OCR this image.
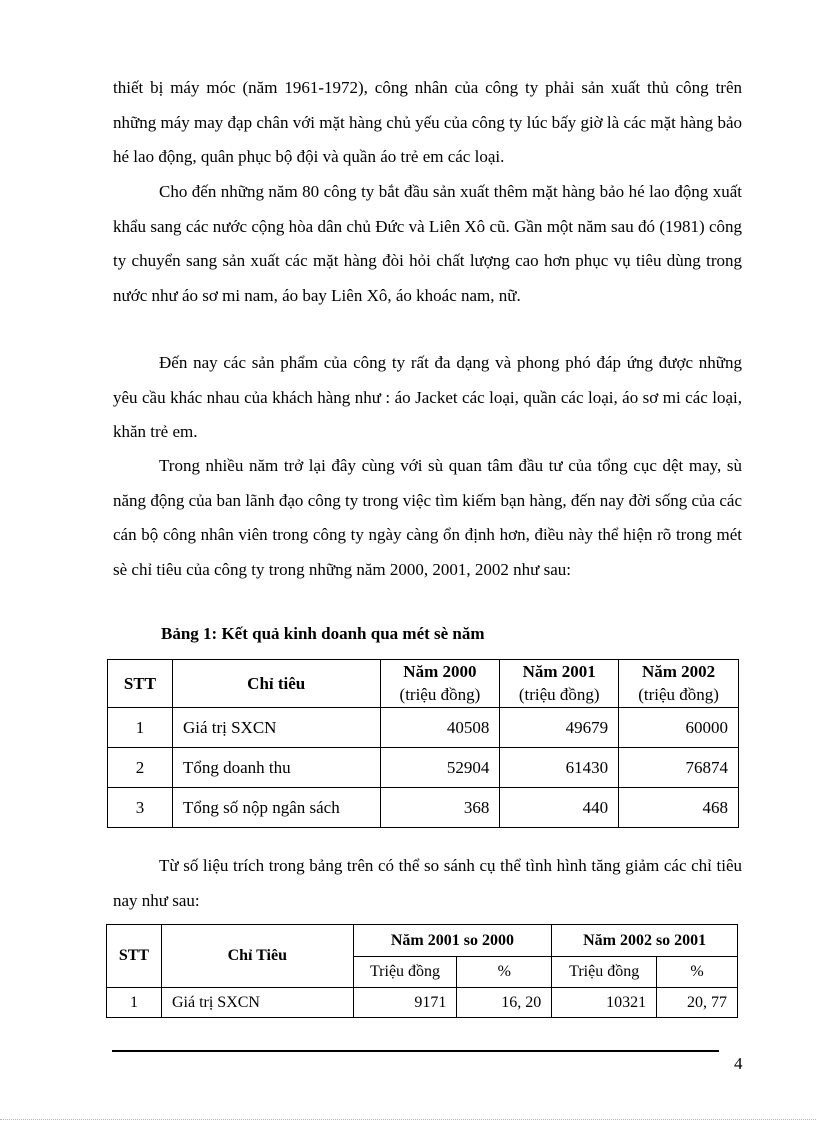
thiết bị máy móc (năm 1961-1972), công nhân của công ty phải sản xuất thủ công trên những máy may đạp chân với mặt hàng chủ yếu của công ty lúc bấy giờ là các mặt hàng bảo hé lao động, quân phục bộ đội và quần áo trẻ em các loại.

Cho đến những năm 80 công ty bắt đầu sản xuất thêm mặt hàng bảo hé lao động xuất khẩu sang các nước cộng hòa dân chủ Đức và Liên Xô cũ. Gần một năm sau đó (1981) công ty chuyển sang sản xuất các mặt hàng đòi hỏi chất lượng cao hơn phục vụ tiêu dùng trong nước như áo sơ mi nam, áo bay Liên Xô, áo khoác nam, nữ.

Đến nay các sản phẩm của công ty rất đa dạng và phong phó đáp ứng được những yêu cầu khác nhau của khách hàng như : áo Jacket các loại, quần các loại, áo sơ mi các loại, khăn trẻ em.

Trong nhiều năm trở lại đây cùng với sù quan tâm đầu tư của tổng cục dệt may, sù năng động của ban lãnh đạo công ty trong việc tìm kiếm bạn hàng, đến nay đời sống của các cán bộ công nhân viên trong công ty ngày càng ổn định hơn, điều này thể hiện rõ trong mét sè chỉ tiêu của công ty trong những năm 2000, 2001, 2002 như sau:

Bảng 1: Kết quả kinh doanh qua mét sè năm

STT	Chỉ tiêu	Năm 2000	Năm 2001	Năm 2002
		(triệu đồng)	(triệu đồng)	(triệu đồng)
1	Giá trị SXCN	40508	49679	60000
2	Tổng doanh thu	52904	61430	76874
3	Tổng số nộp ngân sách	368	440	468

Từ số liệu trích trong bảng trên có thể so sánh cụ thể tình hình tăng giảm các chỉ tiêu nay như sau:

STT	Chỉ Tiêu	Năm 2001 so 2000		Năm 2002 so 2001	
		Triệu đồng	%	Triệu đồng	%
1	Giá trị SXCN	9171	16, 20	10321	20, 77
4
